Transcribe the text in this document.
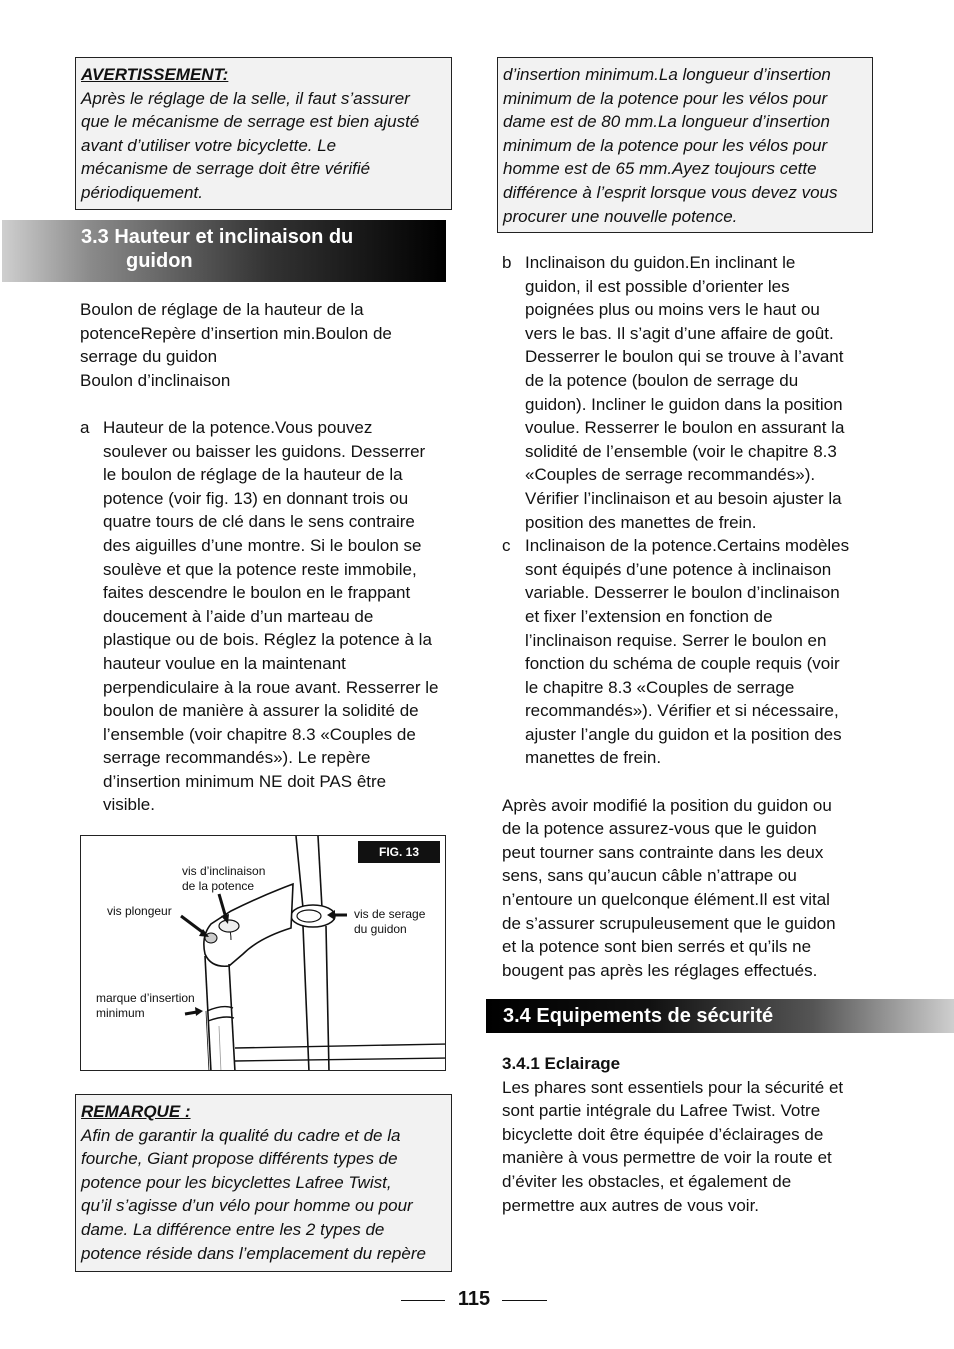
AVERTISSEMENT:

Après le réglage de la selle, il faut s’assurer

que le mécanisme de serrage est bien ajusté

avant d’utiliser votre bicyclette. Le

mécanisme de serrage doit être vérifié

périodiquement.

3.3 Hauteur et inclinaison du
guidon

Boulon de réglage de la hauteur de la

potenceRepère d’insertion min.Boulon de

serrage du guidon

Boulon d’inclinaison

a Hauteur de la potence.Vous pouvez

soulever ou baisser les guidons. Desserrer

le boulon de réglage de la hauteur de la

potence (voir fig. 13) en donnant trois ou

quatre tours de clé dans le sens contraire

des aiguilles d’une montre. Si le boulon se

soulève et que la potence reste immobile,

faites descendre le boulon en le frappant

doucement à l’aide d’un marteau de

plastique ou de bois. Réglez la potence à la

hauteur voulue en la maintenant

perpendiculaire à la roue avant. Resserrer le

boulon de manière à assurer la solidité de

l’ensemble (voir chapitre 8.3 «Couples de

serrage recommandés»). Le repère

d’insertion minimum NE doit PAS être

visible.

FIG. 13
vis d’inclinaison
de la potence
vis plongeur	vis de serage
du guidon
marque d’insertion
minimum

REMARQUE :

Afin de garantir la qualité du cadre et de la

fourche, Giant propose différents types de

potence pour les bicyclettes Lafree Twist,

qu’il s’agisse d’un vélo pour homme ou pour

dame. La différence entre les 2 types de

potence réside dans l’emplacement du repère

d’insertion minimum.La longueur d’insertion

minimum de la potence pour les vélos pour

dame est de 80 mm.La longueur d’insertion

minimum de la potence pour les vélos pour

homme est de 65 mm.Ayez toujours cette

différence à l’esprit lorsque vous devez vous

procurer une nouvelle potence.

b Inclinaison du guidon.En inclinant le

guidon, il est possible d’orienter les

poignées plus ou moins vers le haut ou

vers le bas. Il s’agit d’une affaire de goût.

Desserrer le boulon qui se trouve à l’avant

de la potence (boulon de serrage du

guidon). Incliner le guidon dans la position

voulue. Resserrer le boulon en assurant la

solidité de l’ensemble (voir le chapitre 8.3

«Couples de serrage recommandés»).

Vérifier l’inclinaison et au besoin ajuster la

position des manettes de frein.

c Inclinaison de la potence.Certains modèles

sont équipés d’une potence à inclinaison

variable. Desserrer le boulon d’inclinaison

et fixer l’extension en fonction de

l’inclinaison requise. Serrer le boulon en

fonction du schéma de couple requis (voir

le chapitre 8.3 «Couples de serrage

recommandés»). Vérifier et si nécessaire,

ajuster l’angle du guidon et la position des

manettes de frein.

Après avoir modifié la position du guidon ou

de la potence assurez-vous que le guidon

peut tourner sans contrainte dans les deux

sens, sans qu’aucun câble n’attrape ou

n’entoure un quelconque élément.Il est vital

de s’assurer scrupuleusement que le guidon

et la potence sont bien serrés et qu’ils ne

bougent pas après les réglages effectués.

3.4 Equipements de sécurité

3.4.1 Eclairage

Les phares sont essentiels pour la sécurité et

sont partie intégrale du Lafree Twist. Votre

bicyclette doit être équipée d’éclairages de

manière à vous permettre de voir la route et

d’éviter les obstacles, et également de

permettre aux autres de vous voir.

115
